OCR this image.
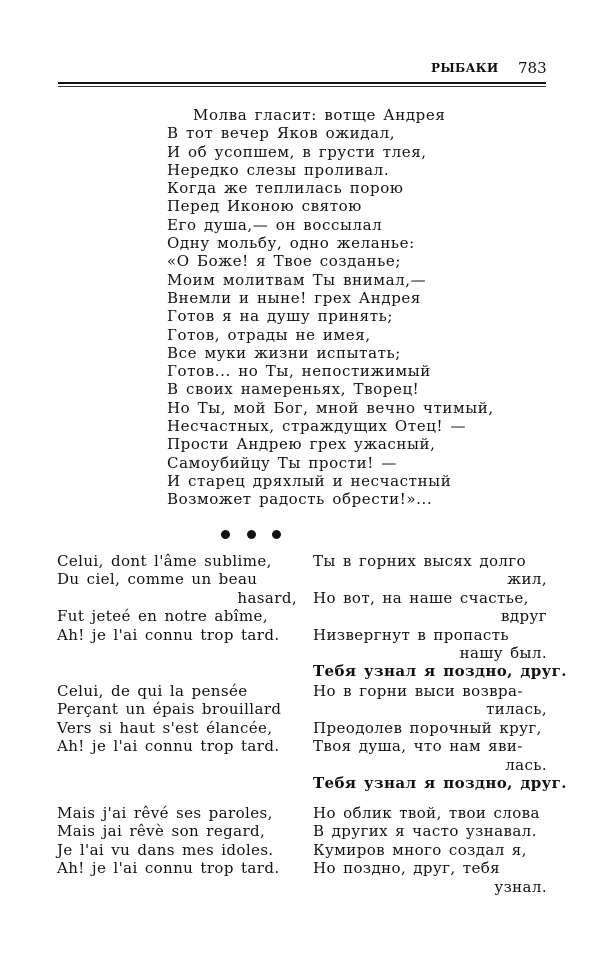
РЫБАКИ 783
Молва гласит: вотще Андрея
В тот вечер Яков ожидал,
И об усопшем, в грусти тлея,
Нередко слезы проливал.
Когда же теплилась порою
Перед Иконою святою
Его душа,— он воссылал
Одну мольбу, одно желанье:
«О Боже! я Твое созданье;
Моим молитвам Ты внимал,—
Внемли и ныне! грех Андрея
Готов я на душу принять;
Готов, отрады не имея,
Все муки жизни испытать;
Готов... но Ты, непостижимый
В своих намереньях, Творец!
Но Ты, мой Бог, мной вечно чтимый,
Несчастных, страждущих Отец! —
Прости Андрею грех ужасный,
Самоубийцу Ты прости! —
И старец дряхлый и несчастный
Возможет радость обрести!»...
Celui, dont l'âme sublime,
Du ciel, comme un beau
hasard,
Fut jeteé en notre abîme,
Ah! je l'ai connu trop tard.
Ты в горних высях долго
жил,
Но вот, на наше счастье,
вдруг
Низвергнут в пропасть
нашу был.
Тебя узнал я поздно, друг.
Celui, de qui la pensée
Perçant un épais brouillard
Vers si haut s'est élancée,
Ah! je l'ai connu trop tard.
Но в горни выси возвра-
тилась,
Преодолев порочный круг,
Твоя душа, что нам яви-
лась.
Тебя узнал я поздно, друг.
Mais j'ai rêvé ses paroles,
Mais jai rêvè son regard,
Je l'ai vu dans mes idoles.
Ah! je l'ai connu trop tard.
Но облик твой, твои слова
В других я часто узнавал.
Кумиров много создал я,
Но поздно, друг, тебя
узнал.
